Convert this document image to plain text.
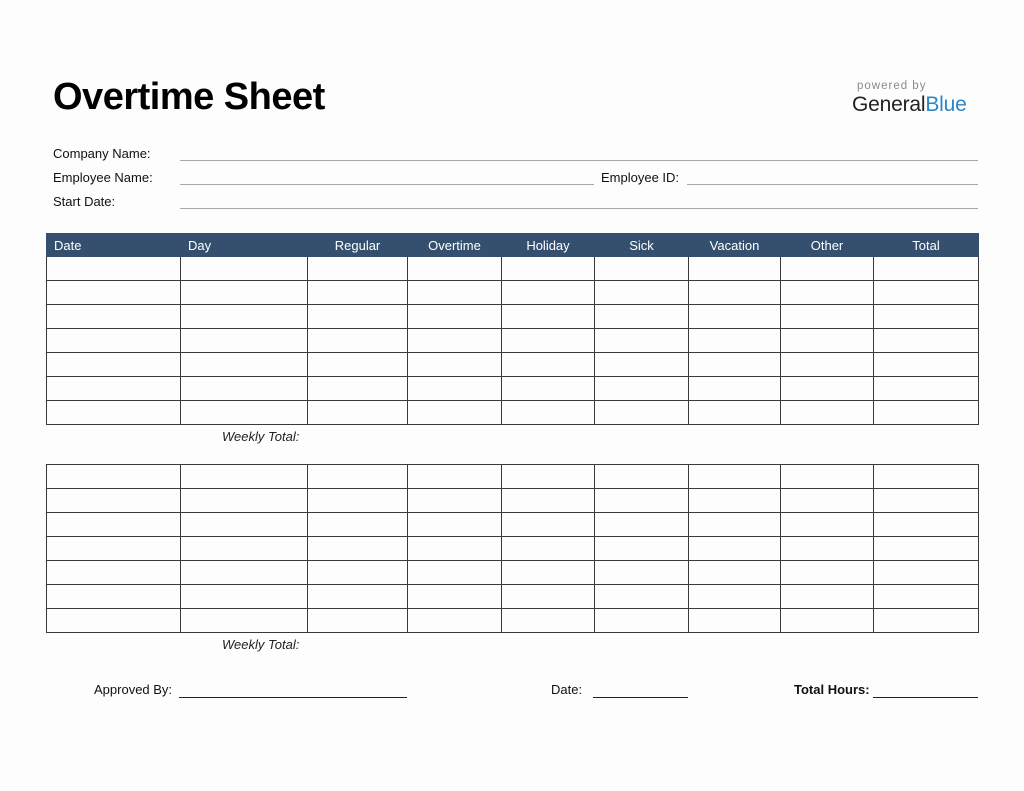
Overtime Sheet	powered by
GeneralBlue
Company Name:
Employee Name:	Employee ID:
Start Date:
Date	Day	Regular	Overtime	Holiday	Sick	Vacation	Other	Total

Weekly Total:

Weekly Total:
Approved By:	Date:	Total Hours:
